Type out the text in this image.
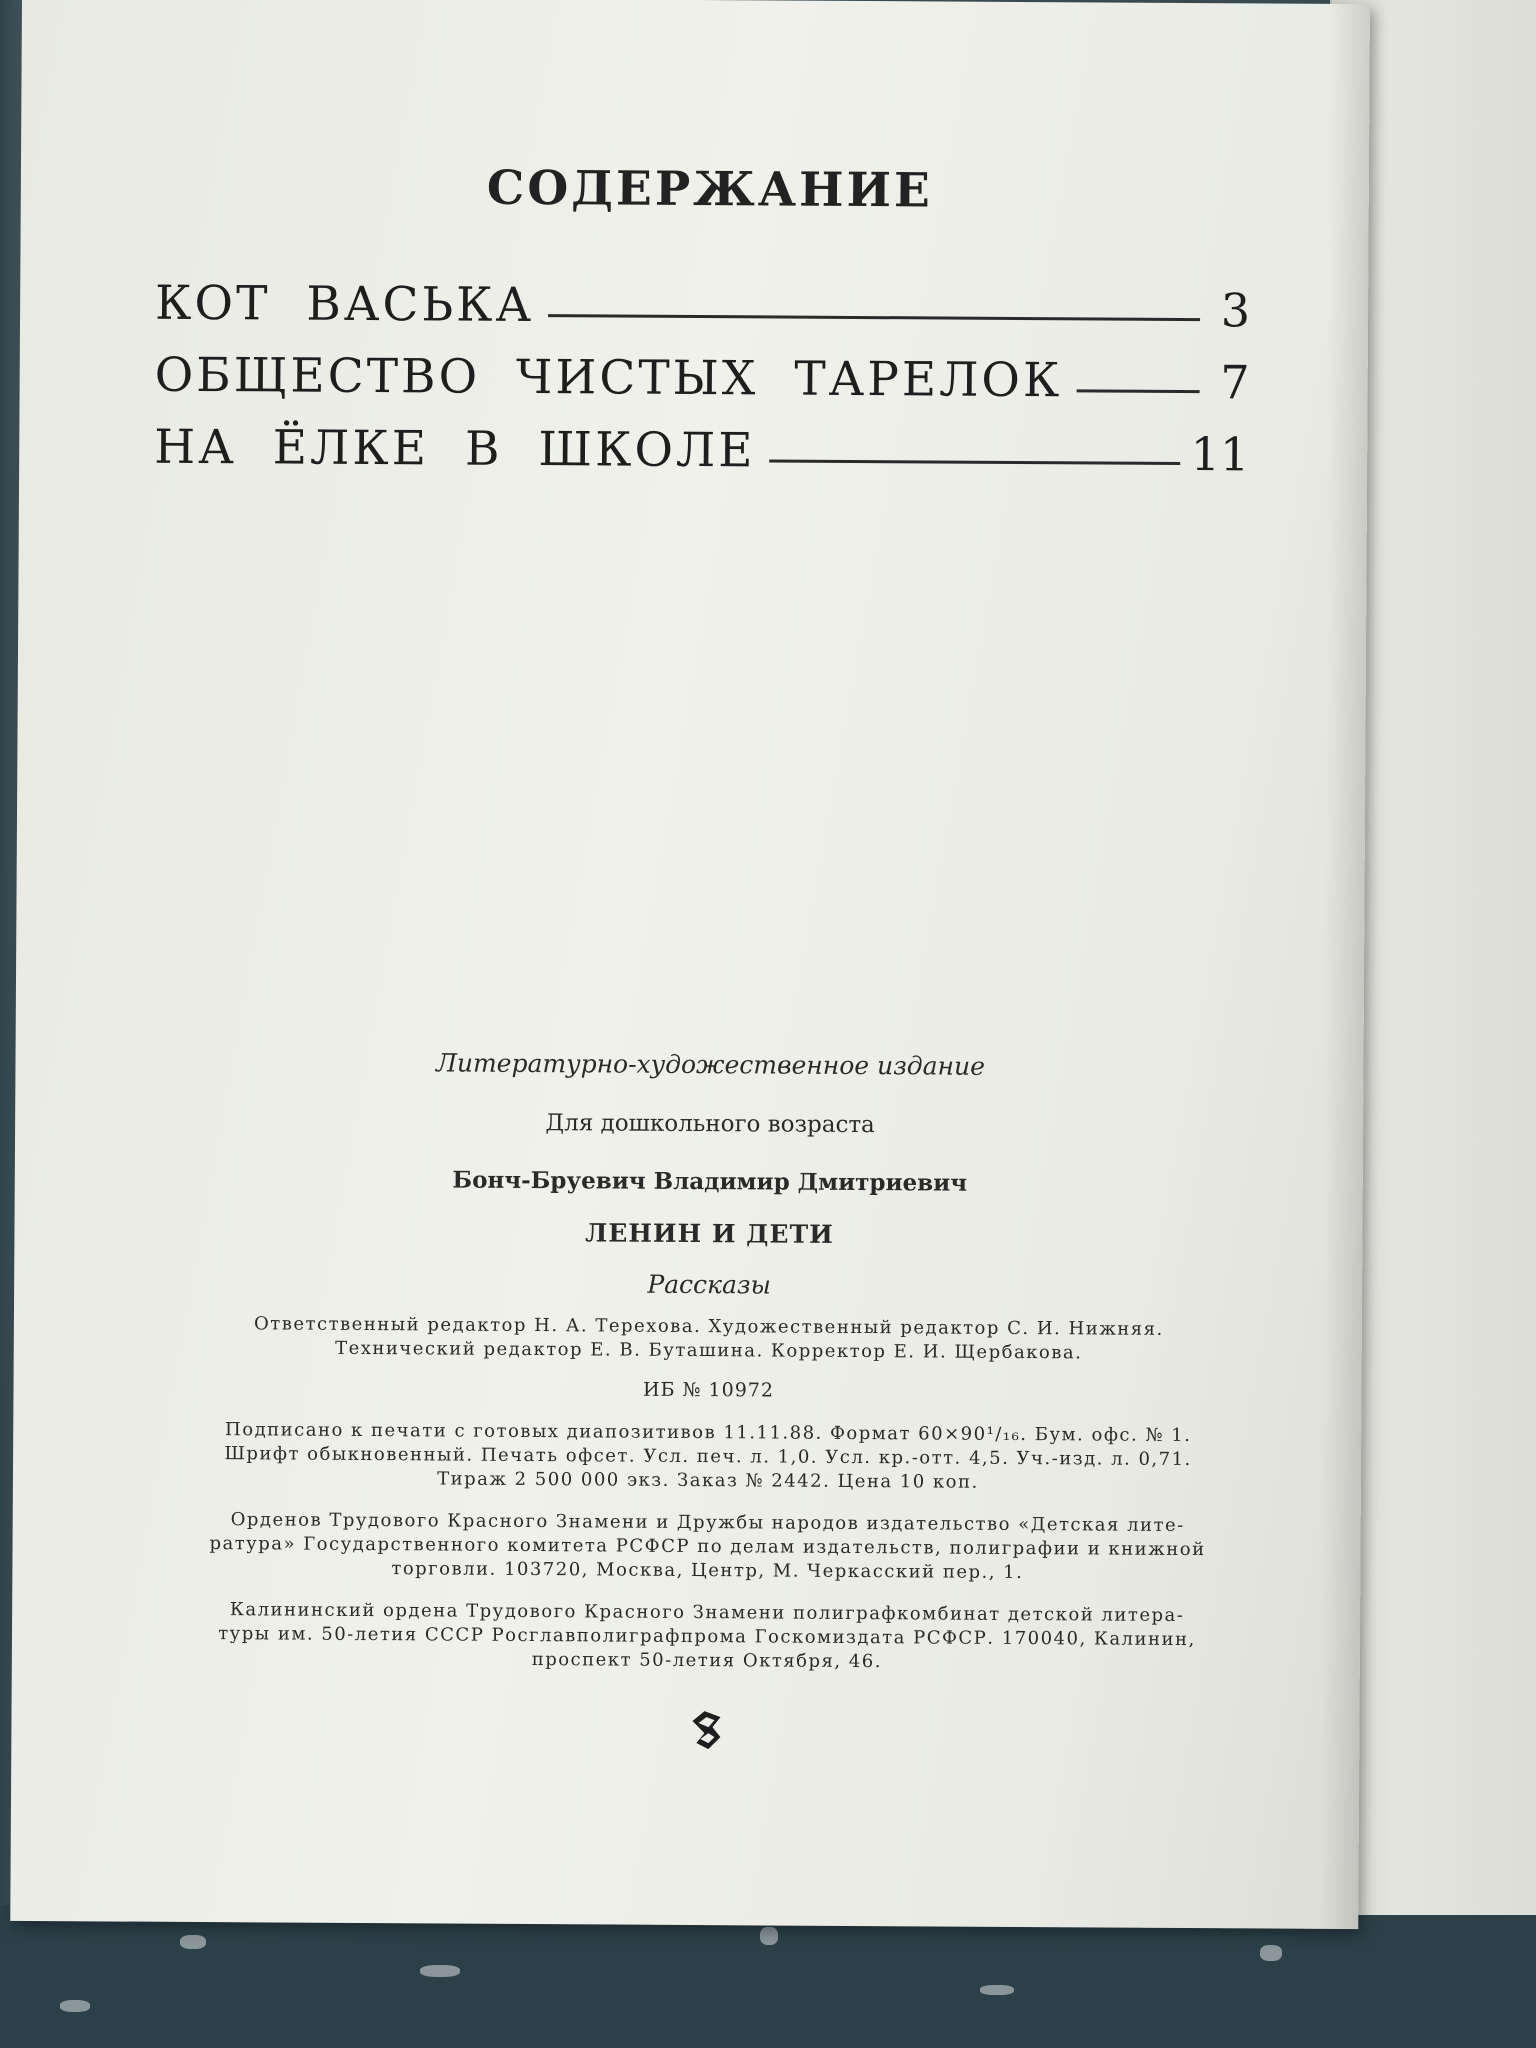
СОДЕРЖАНИЕ
КОТ ВАСЬКА	3
ОБЩЕСТВО ЧИСТЫХ ТАРЕЛОК	7
НА ЁЛКЕ В ШКОЛЕ	11
Литературно-художественное издание
Для дошкольного возраста
Бонч-Бруевич Владимир Дмитриевич
ЛЕНИН И ДЕТИ
Рассказы
Ответственный редактор Н. А. Терехова. Художественный редактор С. И. Нижняя.
Технический редактор Е. В. Буташина. Корректор Е. И. Щербакова.
ИБ № 10972
Подписано к печати с готовых диапозитивов 11.11.88. Формат 60×90¹/₁₆. Бум. офс. № 1.
Шрифт обыкновенный. Печать офсет. Усл. печ. л. 1,0. Усл. кр.-отт. 4,5. Уч.-изд. л. 0,71.
Тираж 2 500 000 экз. Заказ № 2442. Цена 10 коп.
Орденов Трудового Красного Знамени и Дружбы народов издательство «Детская лите-
ратура» Государственного комитета РСФСР по делам издательств, полиграфии и книжной
торговли. 103720, Москва, Центр, М. Черкасский пер., 1.
Калининский ордена Трудового Красного Знамени полиграфкомбинат детской литера-
туры им. 50-летия СССР Росглавполиграфпрома Госкомиздата РСФСР. 170040, Калинин,
проспект 50-летия Октября, 46.
